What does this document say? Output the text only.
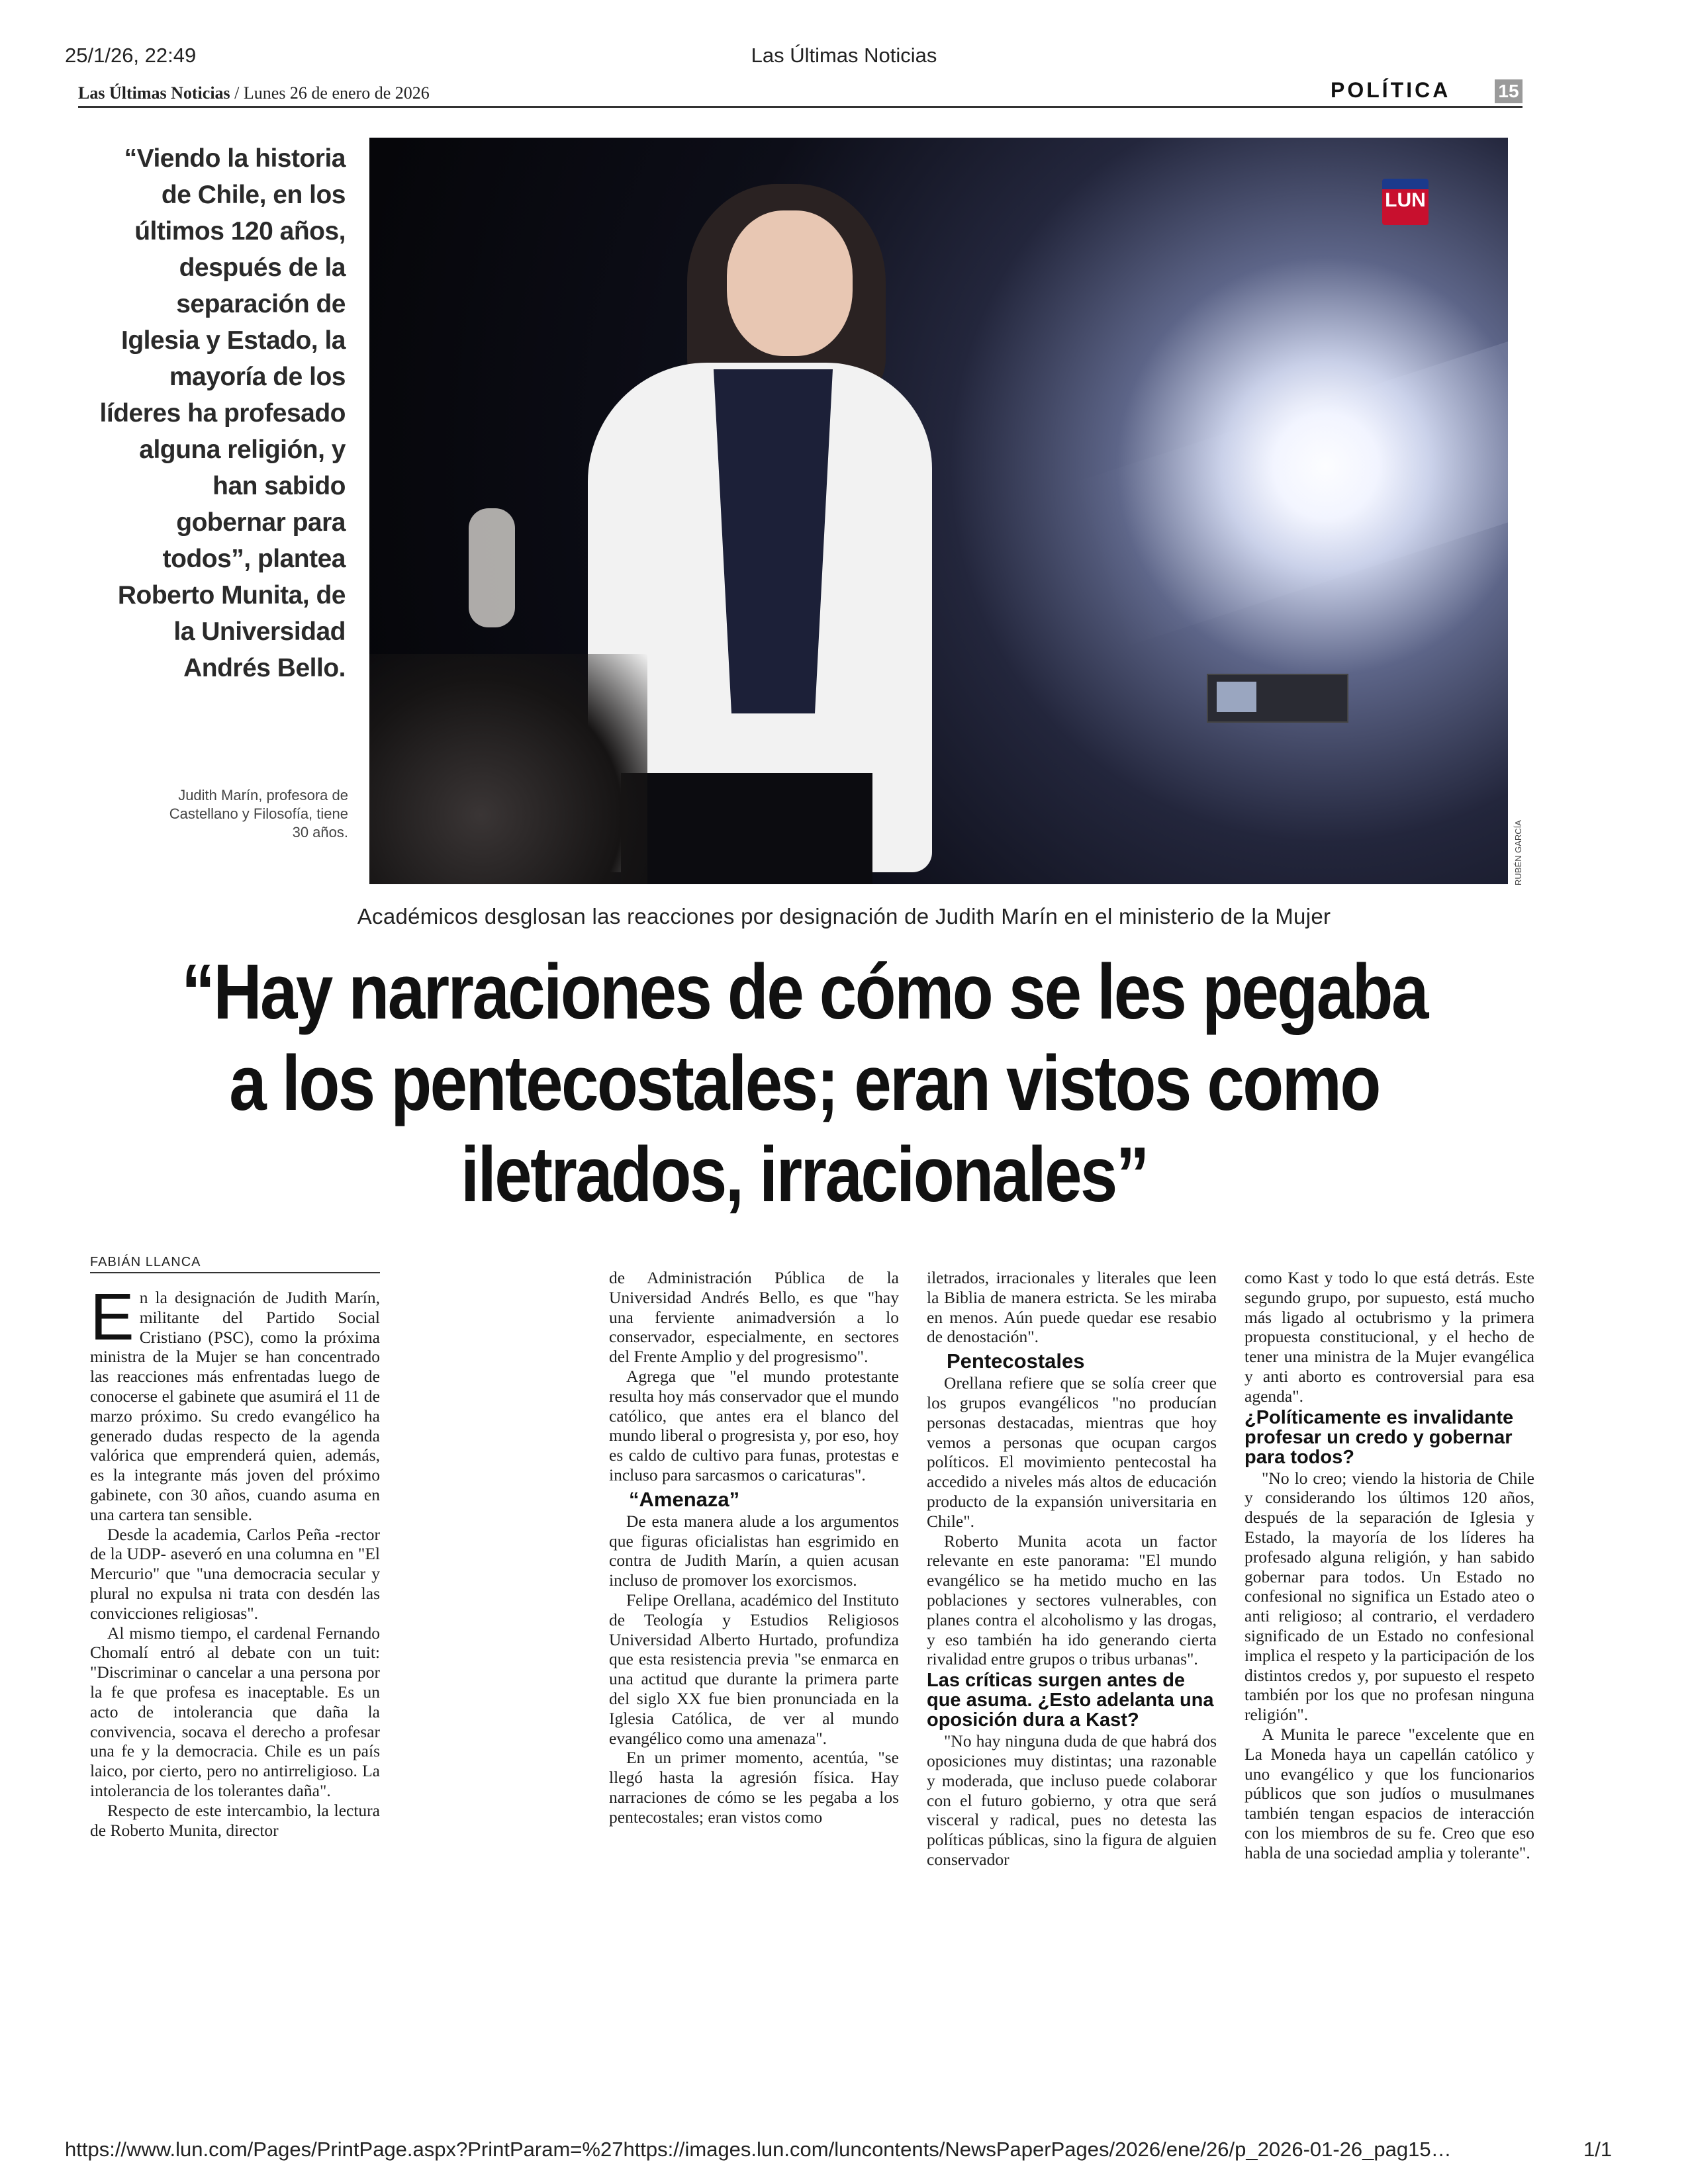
25/1/26, 22:49	Las Últimas Noticias
Las Últimas Noticias / Lunes 26 de enero de 2026	POLÍTICA	15
“Viendo la historia de Chile, en los últimos 120 años, después de la separación de Iglesia y Estado, la mayoría de los líderes ha profesado alguna religión, y han sabido gobernar para todos”, plantea Roberto Munita, de la Universidad Andrés Bello.
Judith Marín, profesora de Castellano y Filosofía, tiene 30 años.
LUN
RUBÉN GARCÍA
Académicos desglosan las reacciones por designación de Judith Marín en el ministerio de la Mujer
“Hay narraciones de cómo se les pegaba a los pentecostales; eran vistos como iletrados, irracionales”
FABIÁN LLANCA

En la designación de Judith Marín, militante del Partido Social Cristiano (PSC), como la próxima ministra de la Mujer se han concentrado las reacciones más enfrentadas luego de conocerse el gabinete que asumirá el 11 de marzo próximo. Su credo evangélico ha generado dudas respecto de la agenda valórica que emprenderá quien, además, es la integrante más joven del próximo gabinete, con 30 años, cuando asuma en una cartera tan sensible.

Desde la academia, Carlos Peña -rector de la UDP- aseveró en una columna en "El Mercurio" que "una democracia secular y plural no expulsa ni trata con desdén las convicciones religiosas".

Al mismo tiempo, el cardenal Fernando Chomalí entró al debate con un tuit: "Discriminar o cancelar a una persona por la fe que profesa es inaceptable. Es un acto de intolerancia que daña la convivencia, socava el derecho a profesar una fe y la democracia. Chile es un país laico, por cierto, pero no antirreligioso. La intolerancia de los tolerantes daña".

Respecto de este intercambio, la lectura de Roberto Munita, director

de Administración Pública de la Universidad Andrés Bello, es que "hay una ferviente animadversión a lo conservador, especialmente, en sectores del Frente Amplio y del progresismo".

Agrega que "el mundo protestante resulta hoy más conservador que el mundo católico, que antes era el blanco del mundo liberal o progresista y, por eso, hoy es caldo de cultivo para funas, protestas e incluso para sarcasmos o caricaturas".

“Amenaza”

De esta manera alude a los argumentos que figuras oficialistas han esgrimido en contra de Judith Marín, a quien acusan incluso de promover los exorcismos.

Felipe Orellana, académico del Instituto de Teología y Estudios Religiosos Universidad Alberto Hurtado, profundiza que esta resistencia previa "se enmarca en una actitud que durante la primera parte del siglo XX fue bien pronunciada en la Iglesia Católica, de ver al mundo evangélico como una amenaza".

En un primer momento, acentúa, "se llegó hasta la agresión física. Hay narraciones de cómo se les pegaba a los pentecostales; eran vistos como

iletrados, irracionales y literales que leen la Biblia de manera estricta. Se les miraba en menos. Aún puede quedar ese resabio de denostación".

Pentecostales

Orellana refiere que se solía creer que los grupos evangélicos "no producían personas destacadas, mientras que hoy vemos a personas que ocupan cargos políticos. El movimiento pentecostal ha accedido a niveles más altos de educación producto de la expansión universitaria en Chile".

Roberto Munita acota un factor relevante en este panorama: "El mundo evangélico se ha metido mucho en las poblaciones y sectores vulnerables, con planes contra el alcoholismo y las drogas, y eso también ha ido generando cierta rivalidad entre grupos o tribus urbanas".

Las críticas surgen antes de que asuma. ¿Esto adelanta una oposición dura a Kast?

"No hay ninguna duda de que habrá dos oposiciones muy distintas; una razonable y moderada, que incluso puede colaborar con el futuro gobierno, y otra que será visceral y radical, pues no detesta las políticas públicas, sino la figura de alguien conservador

como Kast y todo lo que está detrás. Este segundo grupo, por supuesto, está mucho más ligado al octubrismo y la primera propuesta constitucional, y el hecho de tener una ministra de la Mujer evangélica y anti aborto es controversial para esa agenda".

¿Políticamente es invalidante profesar un credo y gobernar para todos?

"No lo creo; viendo la historia de Chile y considerando los últimos 120 años, después de la separación de Iglesia y Estado, la mayoría de los líderes ha profesado alguna religión, y han sabido gobernar para todos. Un Estado no confesional no significa un Estado ateo o anti religioso; al contrario, el verdadero significado de un Estado no confesional implica el respeto y la participación de los distintos credos y, por supuesto el respeto también por los que no profesan ninguna religión".

A Munita le parece "excelente que en La Moneda haya un capellán católico y uno evangélico y que los funcionarios públicos que son judíos o musulmanes también tengan espacios de interacción con los miembros de su fe. Creo que eso habla de una sociedad amplia y tolerante".

https://www.lun.com/Pages/PrintPage.aspx?PrintParam=%27https://images.lun.com/luncontents/NewsPaperPages/2026/ene/26/p_2026-01-26_pag15…	1/1
